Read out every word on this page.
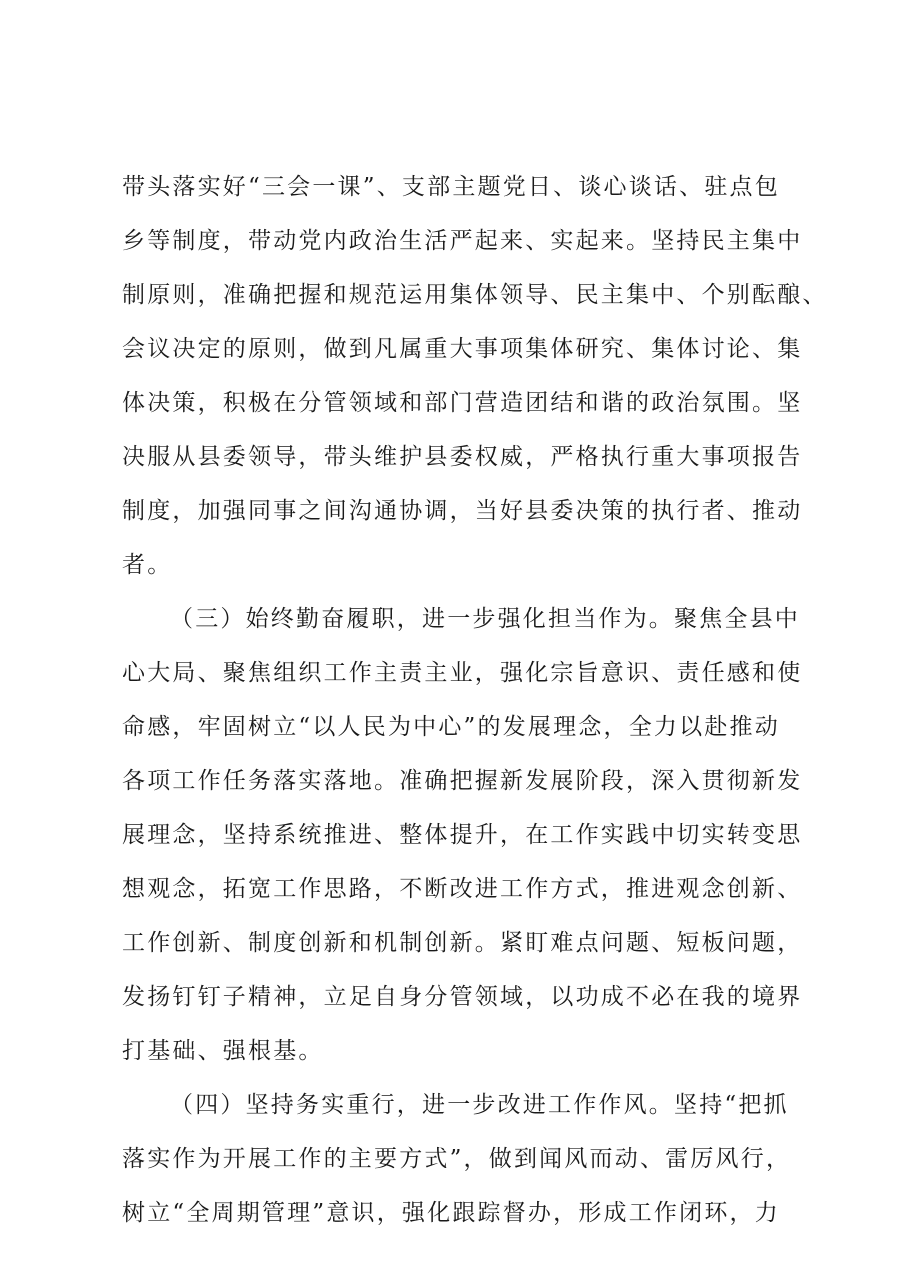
带头落实好“三会一课”、支部主题党日、谈心谈话、驻点包
乡等制度，带动党内政治生活严起来、实起来。坚持民主集中
制原则，准确把握和规范运用集体领导、民主集中、个别酝酿、
会议决定的原则，做到凡属重大事项集体研究、集体讨论、集
体决策，积极在分管领域和部门营造团结和谐的政治氛围。坚
决服从县委领导，带头维护县委权威，严格执行重大事项报告
制度，加强同事之间沟通协调，当好县委决策的执行者、推动
者。
（三）始终勤奋履职，进一步强化担当作为。聚焦全县中
心大局、聚焦组织工作主责主业，强化宗旨意识、责任感和使
命感，牢固树立“以人民为中心”的发展理念，全力以赴推动
各项工作任务落实落地。准确把握新发展阶段，深入贯彻新发
展理念，坚持系统推进、整体提升，在工作实践中切实转变思
想观念，拓宽工作思路，不断改进工作方式，推进观念创新、
工作创新、制度创新和机制创新。紧盯难点问题、短板问题，
发扬钉钉子精神，立足自身分管领域，以功成不必在我的境界
打基础、强根基。
（四）坚持务实重行，进一步改进工作作风。坚持“把抓
落实作为开展工作的主要方式”，做到闻风而动、雷厉风行，
树立“全周期管理”意识，强化跟踪督办，形成工作闭环，力
